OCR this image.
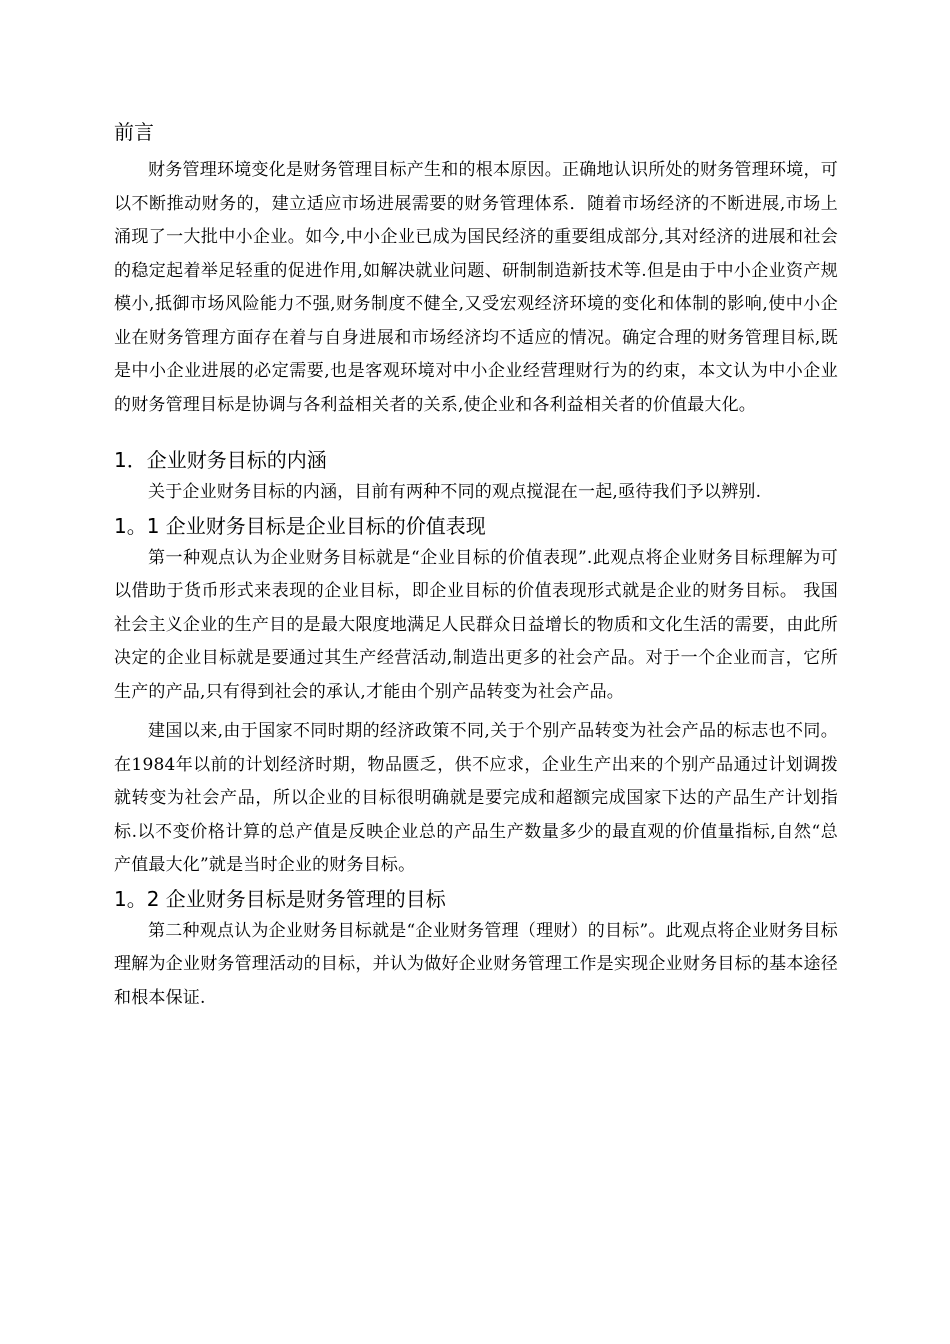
前言

财务管理环境变化是财务管理目标产生和的根本原因。正确地认识所处的财务管理环境，可以不断推动财务的，建立适应市场进展需要的财务管理体系．随着市场经济的不断进展,市场上涌现了一大批中小企业。如今,中小企业已成为国民经济的重要组成部分,其对经济的进展和社会的稳定起着举足轻重的促进作用,如解决就业问题、研制制造新技术等.但是由于中小企业资产规模小,抵御市场风险能力不强,财务制度不健全,又受宏观经济环境的变化和体制的影响,使中小企业在财务管理方面存在着与自身进展和市场经济均不适应的情况。确定合理的财务管理目标,既是中小企业进展的必定需要,也是客观环境对中小企业经营理财行为的约束，本文认为中小企业的财务管理目标是协调与各利益相关者的关系,使企业和各利益相关者的价值最大化。

1．企业财务目标的内涵

关于企业财务目标的内涵，目前有两种不同的观点搅混在一起,亟待我们予以辨别.

1。1 企业财务目标是企业目标的价值表现

第一种观点认为企业财务目标就是“企业目标的价值表现”.此观点将企业财务目标理解为可以借助于货币形式来表现的企业目标，即企业目标的价值表现形式就是企业的财务目标。 我国社会主义企业的生产目的是最大限度地满足人民群众日益增长的物质和文化生活的需要，由此所决定的企业目标就是要通过其生产经营活动,制造出更多的社会产品。对于一个企业而言，它所生产的产品,只有得到社会的承认,才能由个别产品转变为社会产品。

建国以来,由于国家不同时期的经济政策不同,关于个别产品转变为社会产品的标志也不同。在1984年以前的计划经济时期，物品匮乏，供不应求，企业生产出来的个别产品通过计划调拨就转变为社会产品，所以企业的目标很明确就是要完成和超额完成国家下达的产品生产计划指标.以不变价格计算的总产值是反映企业总的产品生产数量多少的最直观的价值量指标,自然“总产值最大化”就是当时企业的财务目标。

1。2 企业财务目标是财务管理的目标

第二种观点认为企业财务目标就是“企业财务管理（理财）的目标”。此观点将企业财务目标理解为企业财务管理活动的目标，并认为做好企业财务管理工作是实现企业财务目标的基本途径和根本保证.
